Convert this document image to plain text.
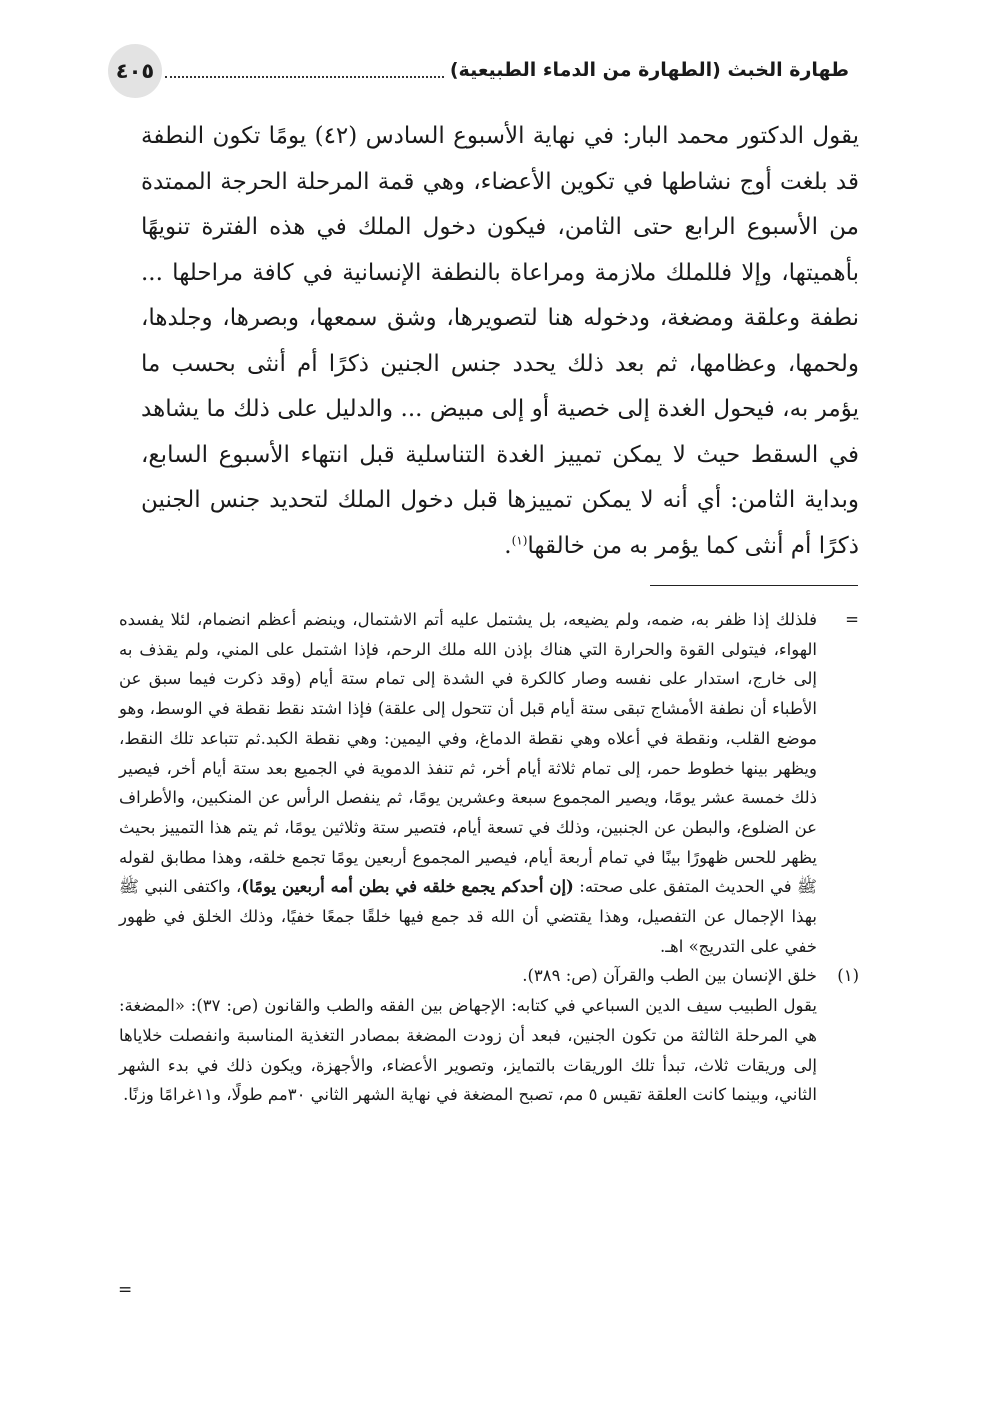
٤٠٥	طهارة الخبث (الطهارة من الدماء الطبيعية)

يقول الدكتور محمد البار: في نهاية الأسبوع السادس (٤٢) يومًا تكون النطفة قد بلغت أوج نشاطها في تكوين الأعضاء، وهي قمة المرحلة الحرجة الممتدة من الأسبوع الرابع حتى الثامن، فيكون دخول الملك في هذه الفترة تنويهًا بأهميتها، وإلا فللملك ملازمة ومراعاة بالنطفة الإنسانية في كافة مراحلها ... نطفة وعلقة ومضغة، ودخوله هنا لتصويرها، وشق سمعها، وبصرها، وجلدها، ولحمها، وعظامها، ثم بعد ذلك يحدد جنس الجنين ذكرًا أم أنثى بحسب ما يؤمر به، فيحول الغدة إلى خصية أو إلى مبيض ... والدليل على ذلك ما يشاهد في السقط حيث لا يمكن تمييز الغدة التناسلية قبل انتهاء الأسبوع السابع، وبداية الثامن: أي أنه لا يمكن تمييزها قبل دخول الملك لتحديد جنس الجنين ذكرًا أم أنثى كما يؤمر به من خالقها$^{(١)}$.

=
فلذلك إذا ظفر به، ضمه، ولم يضيعه، بل يشتمل عليه أتم الاشتمال، وينضم أعظم انضمام، لئلا يفسده الهواء، فيتولى القوة والحرارة التي هناك بإذن الله ملك الرحم، فإذا اشتمل على المني، ولم يقذف به إلى خارج، استدار على نفسه وصار كالكرة في الشدة إلى تمام ستة أيام (وقد ذكرت فيما سبق عن الأطباء أن نطفة الأمشاج تبقى ستة أيام قبل أن تتحول إلى علقة) فإذا اشتد نقط نقطة في الوسط، وهو موضع القلب، ونقطة في أعلاه وهي نقطة الدماغ، وفي اليمين: وهي نقطة الكبد.ثم تتباعد تلك النقط، ويظهر بينها خطوط حمر، إلى تمام ثلاثة أيام أخر، ثم تنفذ الدموية في الجميع بعد ستة أيام أخر، فيصير ذلك خمسة عشر يومًا، ويصير المجموع سبعة وعشرين يومًا، ثم ينفصل الرأس عن المنكبين، والأطراف عن الضلوع، والبطن عن الجنبين، وذلك في تسعة أيام، فتصير ستة وثلاثين يومًا، ثم يتم هذا التمييز بحيث يظهر للحس ظهورًا بينًا في تمام أربعة أيام، فيصير المجموع أربعين يومًا تجمع خلقه، وهذا مطابق لقوله ﷺ في الحديث المتفق على صحته: (إن أحدكم يجمع خلقه في بطن أمه أربعين يومًا)، واكتفى النبي ﷺ بهذا الإجمال عن التفصيل، وهذا يقتضي أن الله قد جمع فيها خلقًا جمعًا خفيًا، وذلك الخلق في ظهور خفي على التدريج» اهـ.
(١)
خلق الإنسان بين الطب والقرآن (ص: ٣٨٩).
يقول الطبيب سيف الدين السباعي في كتابه: الإجهاض بين الفقه والطب والقانون (ص: ٣٧): «المضغة: هي المرحلة الثالثة من تكون الجنين، فبعد أن زودت المضغة بمصادر التغذية المناسبة وانفصلت خلاياها إلى وريقات ثلاث، تبدأ تلك الوريقات بالتمايز، وتصوير الأعضاء، والأجهزة، ويكون ذلك في بدء الشهر الثاني، وبينما كانت العلقة تقيس ٥ مم، تصبح المضغة في نهاية الشهر الثاني ٣٠مم طولًا، و١١غرامًا وزنًا.
=
